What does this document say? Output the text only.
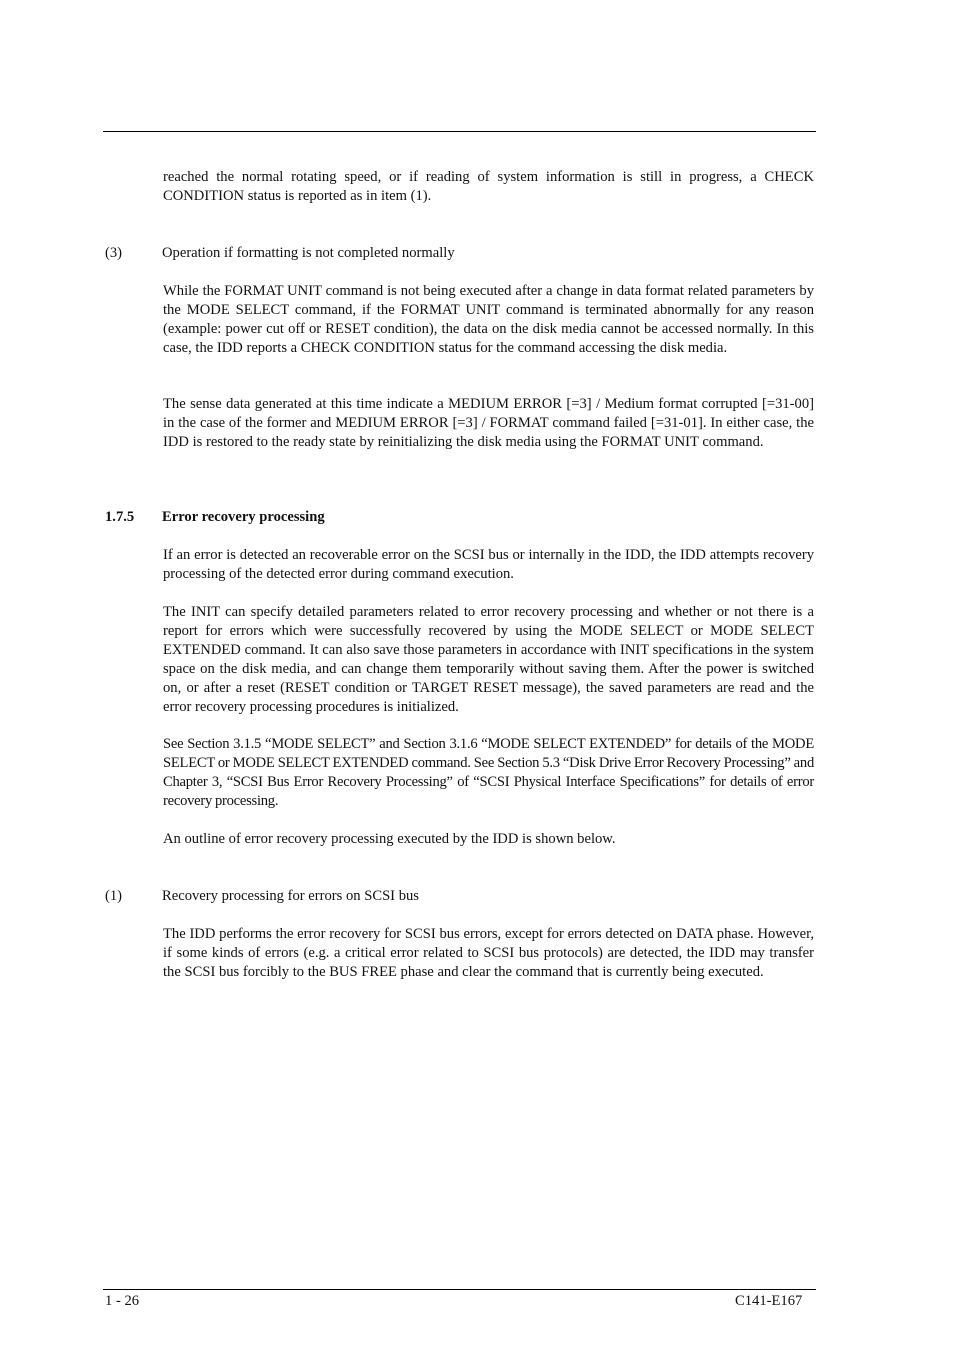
reached the normal rotating speed, or if reading of system information is still in progress, a CHECK CONDITION status is reported as in item (1).

(3)	Operation if formatting is not completed normally

While the FORMAT UNIT command is not being executed after a change in data format related parameters by the MODE SELECT command, if the FORMAT UNIT command is terminated abnormally for any reason (example: power cut off or RESET condition), the data on the disk media cannot be accessed normally. In this case, the IDD reports a CHECK CONDITION status for the command accessing the disk media.

The sense data generated at this time indicate a MEDIUM ERROR [=3] / Medium format corrupted [=31-00] in the case of the former and MEDIUM ERROR [=3] / FORMAT command failed [=31-01]. In either case, the IDD is restored to the ready state by reinitializing the disk media using the FORMAT UNIT command.

1.7.5 Error recovery processing

If an error is detected an recoverable error on the SCSI bus or internally in the IDD, the IDD attempts recovery processing of the detected error during command execution.

The INIT can specify detailed parameters related to error recovery processing and whether or not there is a report for errors which were successfully recovered by using the MODE SELECT or MODE SELECT EXTENDED command. It can also save those parameters in accordance with INIT specifications in the system space on the disk media, and can change them temporarily without saving them. After the power is switched on, or after a reset (RESET condition or TARGET RESET message), the saved parameters are read and the error recovery processing procedures is initialized.

See Section 3.1.5 “MODE SELECT” and Section 3.1.6 “MODE SELECT EXTENDED” for details of the MODE SELECT or MODE SELECT EXTENDED command. See Section 5.3 “Disk Drive Error Recovery Processing” and Chapter 3, “SCSI Bus Error Recovery Processing” of “SCSI Physical Interface Specifications” for details of error recovery processing.

An outline of error recovery processing executed by the IDD is shown below.

(1)	Recovery processing for errors on SCSI bus

The IDD performs the error recovery for SCSI bus errors, except for errors detected on DATA phase. However, if some kinds of errors (e.g. a critical error related to SCSI bus protocols) are detected, the IDD may transfer the SCSI bus forcibly to the BUS FREE phase and clear the command that is currently being executed.

1 - 26	C141-E167
